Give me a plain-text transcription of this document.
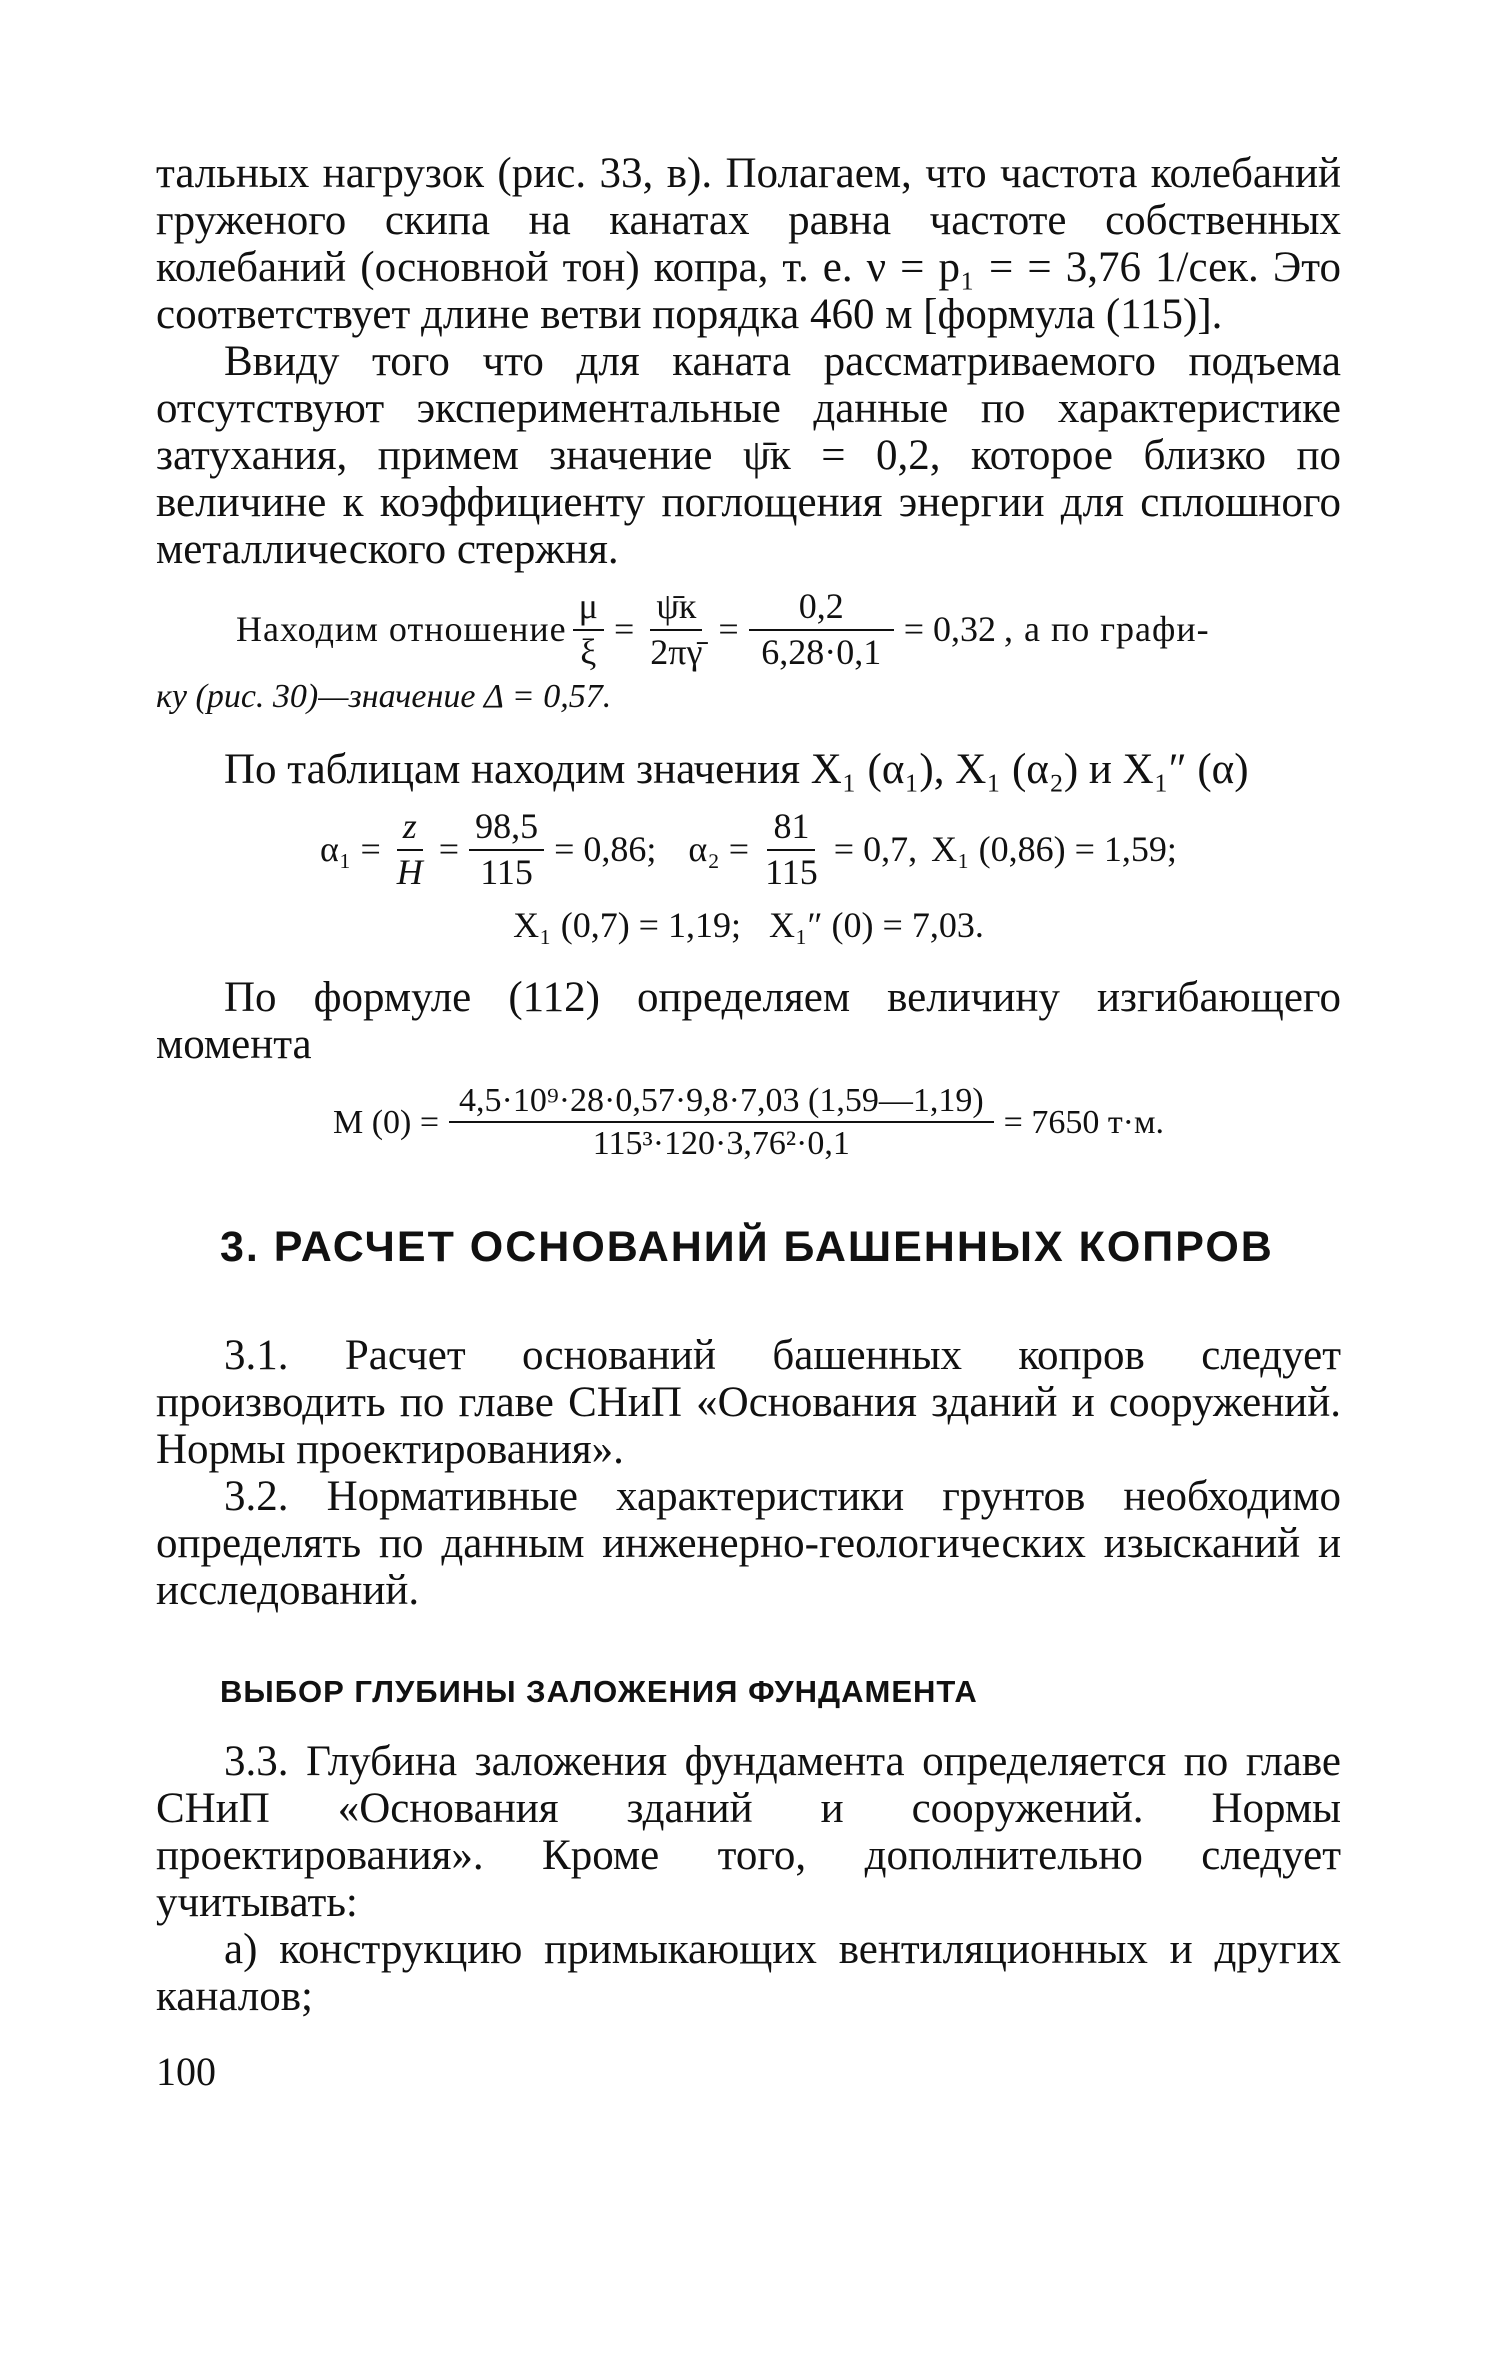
тальных нагрузок (рис. 33, в). Полагаем, что частота колебаний груженого скипа на канатах равна частоте собственных колебаний (основной тон) копра, т. е. ν = p₁ = = 3,76 1/сек. Это соответствует длине ветви порядка 460 м [формула (115)].

Ввиду того что для каната рассматриваемого подъема отсутствуют экспериментальные данные по характеристике затухания, примем значение ψ̄к = 0,2, которое близко по величине к коэффициенту поглощения энергии для сплошного металлического стержня.

Находим отношение $\frac{\mu}{\xi} = \frac{\psīк}{2\pi\gammā} = \frac{0,2}{6,28\cdot 0,1} = 0,32$ , а по графи-

ку (рис. 30)—значение Δ = 0,57.

По таблицам находим значения X₁ (α₁), X₁ (α₂) и X₁″ (α)

$\alpha_1 = \frac{z}{H} = \frac{98,5}{115} = 0,86$; $\alpha_2 = \frac{81}{115} = 0,7$, X₁ (0,86) = 1,59;
X₁ (0,7) = 1,19; X₁″ (0) = 7,03.

По формуле (112) определяем величину изгибающего момента

M $(0) = \frac{\text{4,5·10⁹·28·0,57·9,8·7,03 (1,59—1,19)}}{\text{115³·120·3,76²·0,1}} = 7650$ т·м.
3. РАСЧЕТ ОСНОВАНИЙ БАШЕННЫХ КОПРОВ

3.1. Расчет оснований башенных копров следует производить по главе СНиП «Основания зданий и сооружений. Нормы проектирования».

3.2. Нормативные характеристики грунтов необходимо определять по данным инженерно-геологических изысканий и исследований.

ВЫБОР ГЛУБИНЫ ЗАЛОЖЕНИЯ ФУНДАМЕНТА

3.3. Глубина заложения фундамента определяется по главе СНиП «Основания зданий и сооружений. Нормы проектирования». Кроме того, дополнительно следует учитывать:

а) конструкцию примыкающих вентиляционных и других каналов;

100
